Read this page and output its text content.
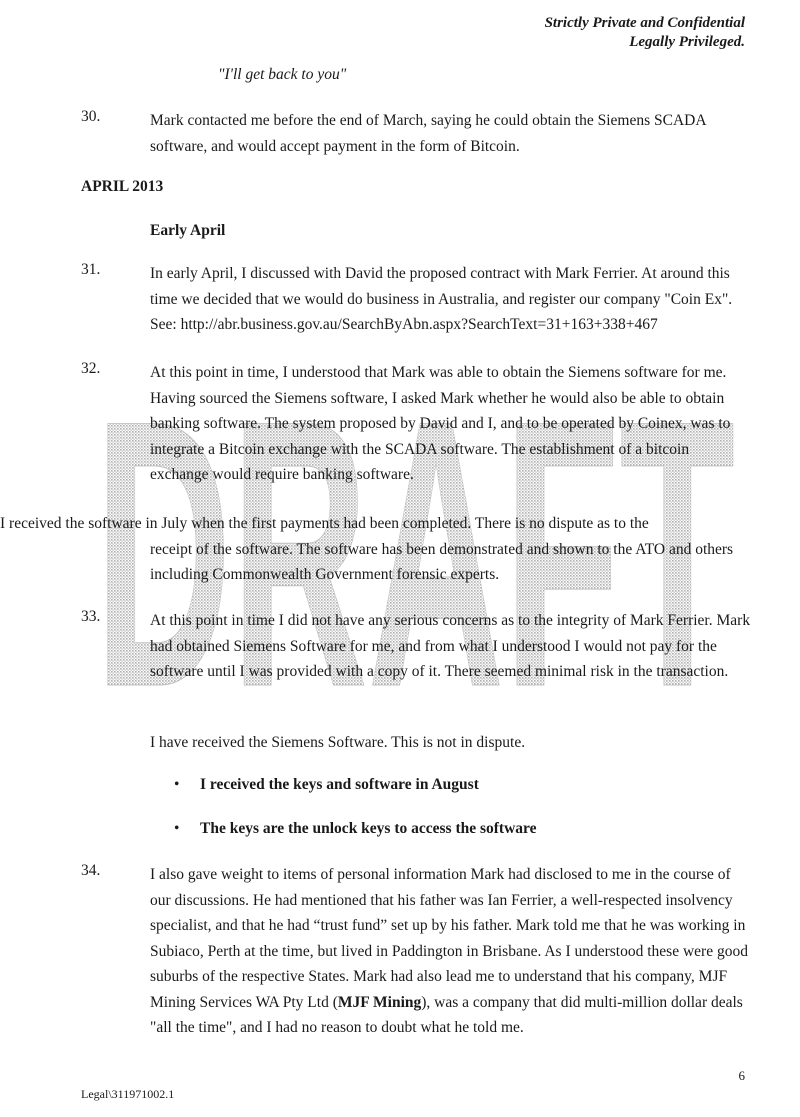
DRAFT
Strictly Private and Confidential
Legally Privileged.
"I'll get back to you"
30.	Mark contacted me before the end of March, saying he could obtain the Siemens SCADA software, and would accept payment in the form of Bitcoin.
APRIL 2013
Early April
31.	In early April, I discussed with David the proposed contract with Mark Ferrier. At around this time we decided that we would do business in Australia, and register our company "Coin Ex". See: http://abr.business.gov.au/SearchByAbn.aspx?SearchText=31+163+338+467
32.	At this point in time, I understood that Mark was able to obtain the Siemens software for me. Having sourced the Siemens software, I asked Mark whether he would also be able to obtain banking software. The system proposed by David and I, and to be operated by Coinex, was to integrate a Bitcoin exchange with the SCADA software. The establishment of a bitcoin exchange would require banking software.
I received the software in July when the first payments had been completed. There is no dispute as to the
receipt of the software. The software has been demonstrated and shown to the ATO and others including Commonwealth Government forensic experts.
33.	At this point in time I did not have any serious concerns as to the integrity of Mark Ferrier. Mark had obtained Siemens Software for me, and from what I understood I would not pay for the software until I was provided with a copy of it. There seemed minimal risk in the transaction.
I have received the Siemens Software. This is not in dispute.
• I received the keys and software in August
• The keys are the unlock keys to access the software
34.	I also gave weight to items of personal information Mark had disclosed to me in the course of our discussions. He had mentioned that his father was Ian Ferrier, a well-respected insolvency specialist, and that he had “trust fund” set up by his father. Mark told me that he was working in Subiaco, Perth at the time, but lived in Paddington in Brisbane. As I understood these were good suburbs of the respective States. Mark had also lead me to understand that his company, MJF Mining Services WA Pty Ltd (MJF Mining), was a company that did multi-million dollar deals "all the time", and I had no reason to doubt what he told me.
6
Legal\311971002.1
